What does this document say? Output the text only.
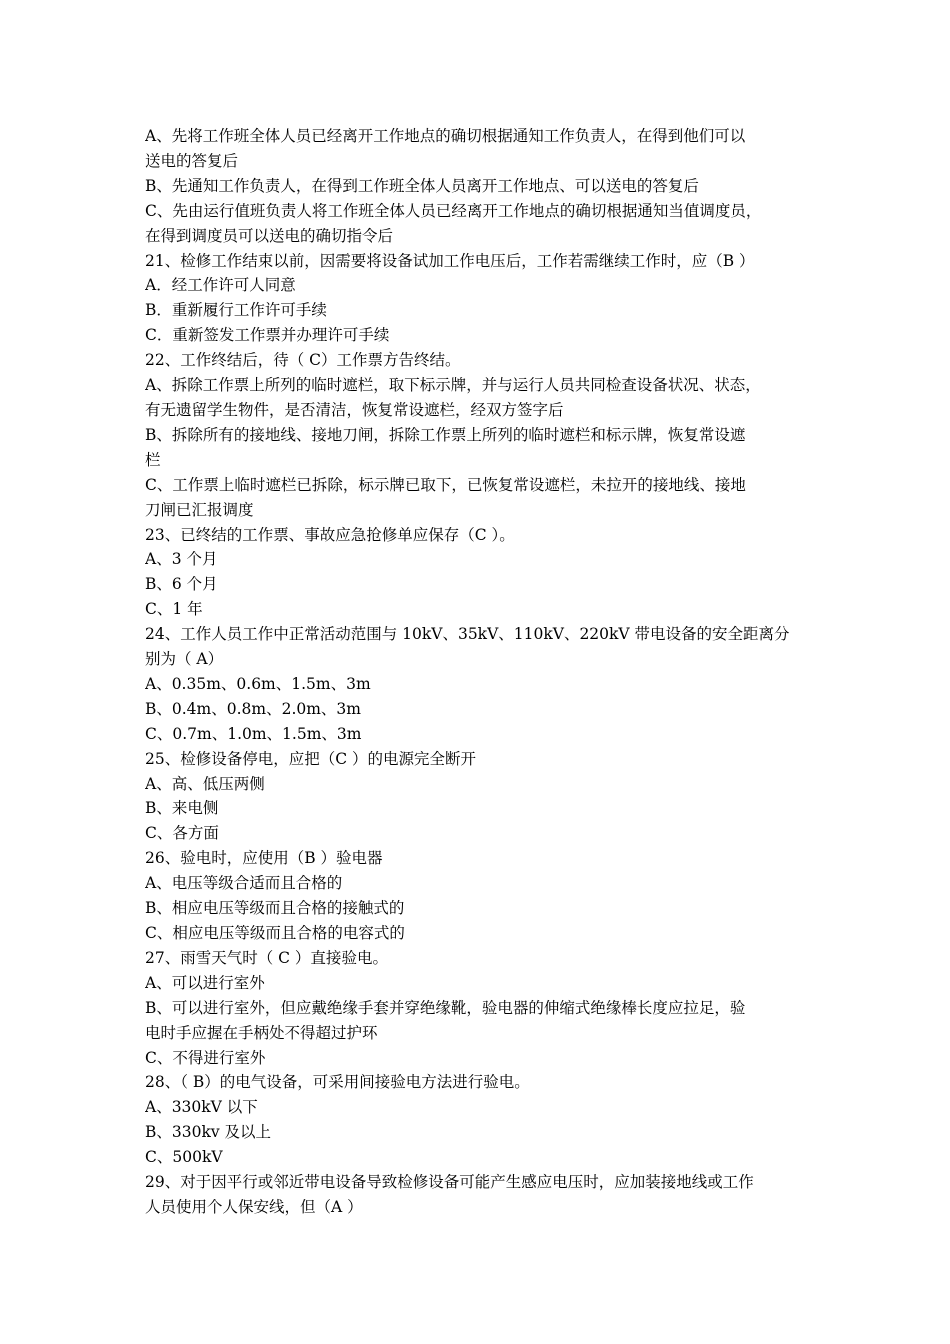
A、先将工作班全体人员已经离开工作地点的确切根据通知工作负责人，在得到他们可以
送电的答复后
B、先通知工作负责人，在得到工作班全体人员离开工作地点、可以送电的答复后
C、先由运行值班负责人将工作班全体人员已经离开工作地点的确切根据通知当值调度员，
在得到调度员可以送电的确切指令后
21、检修工作结束以前，因需要将设备试加工作电压后，工作若需继续工作时，应（B ）
A．经工作许可人同意
B．重新履行工作许可手续
C．重新签发工作票并办理许可手续
22、工作终结后，待（ C）工作票方告终结。
A、拆除工作票上所列的临时遮栏，取下标示牌，并与运行人员共同检查设备状况、状态，
有无遗留学生物件，是否清洁，恢复常设遮栏，经双方签字后
B、拆除所有的接地线、接地刀闸，拆除工作票上所列的临时遮栏和标示牌，恢复常设遮
栏
C、工作票上临时遮栏已拆除，标示牌已取下，已恢复常设遮栏，未拉开的接地线、接地
刀闸已汇报调度
23、已终结的工作票、事故应急抢修单应保存（C ）。
A、3 个月
B、6 个月
C、1 年
24、工作人员工作中正常活动范围与 10kV、35kV、110kV、220kV 带电设备的安全距离分
别为（ A）
A、0.35m、0.6m、1.5m、3m
B、0.4m、0.8m、2.0m、3m
C、0.7m、1.0m、1.5m、3m
25、检修设备停电，应把（C ）的电源完全断开
A、高、低压两侧
B、来电侧
C、各方面
26、验电时，应使用（B ）验电器
A、电压等级合适而且合格的
B、相应电压等级而且合格的接触式的
C、相应电压等级而且合格的电容式的
27、雨雪天气时（ C ）直接验电。
A、可以进行室外
B、可以进行室外，但应戴绝缘手套并穿绝缘靴，验电器的伸缩式绝缘棒长度应拉足，验
电时手应握在手柄处不得超过护环
C、不得进行室外
28、（ B）的电气设备，可采用间接验电方法进行验电。
A、330kV 以下
B、330kv 及以上
C、500kV
29、对于因平行或邻近带电设备导致检修设备可能产生感应电压时，应加装接地线或工作
人员使用个人保安线，但（A ）
